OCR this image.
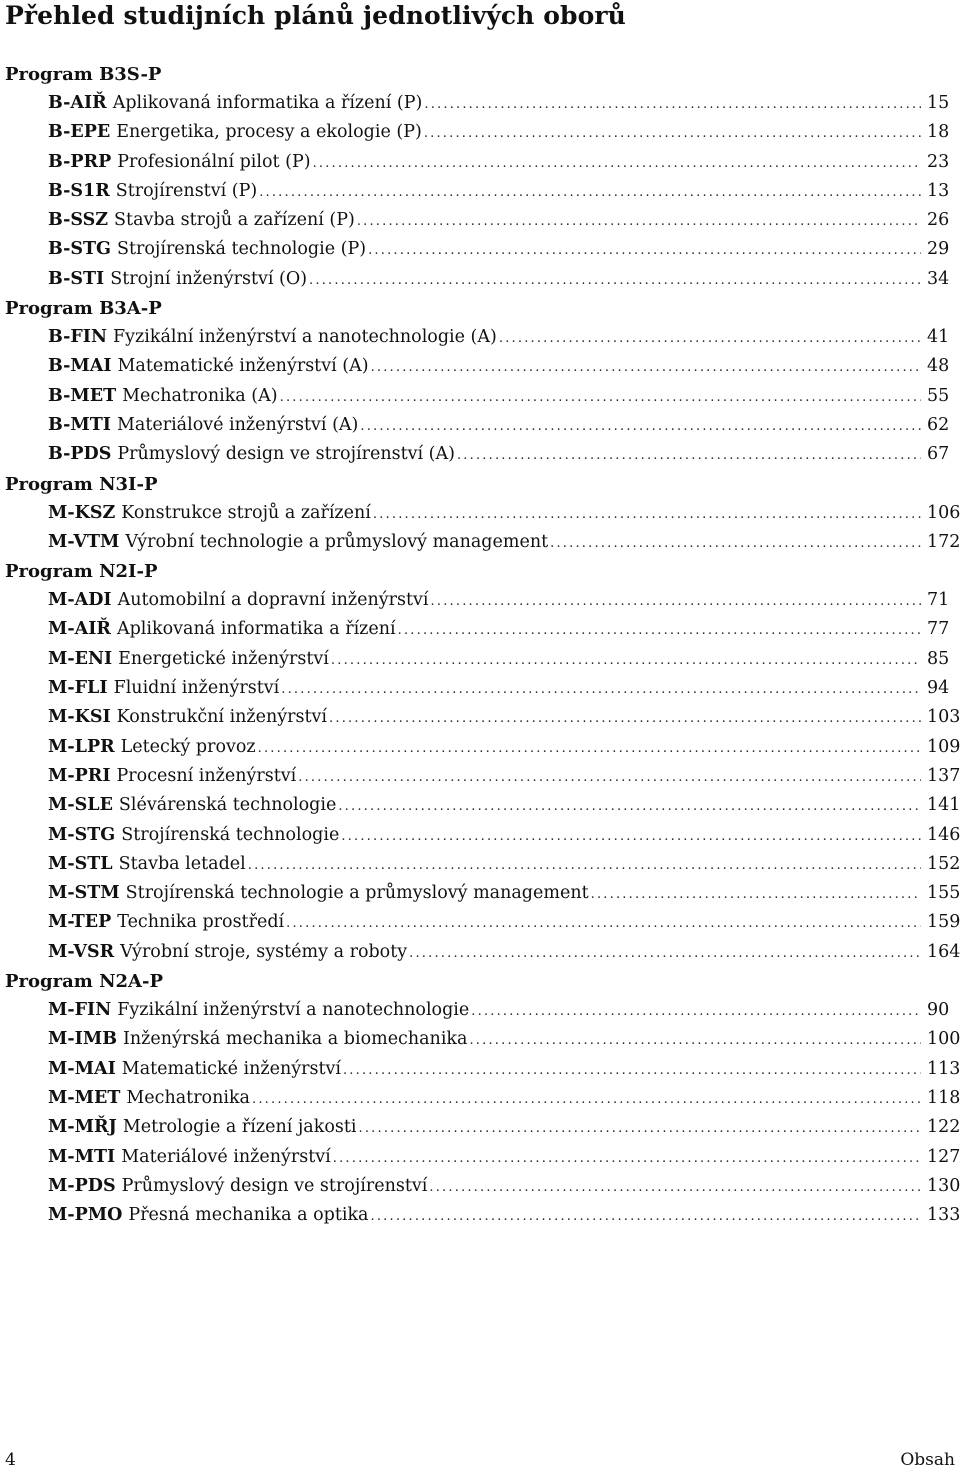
Přehled studijních plánů jednotlivých oborů
Program B3S-P
B-AIŘ Aplikovaná informatika a řízení (P) .....	15
B-EPE Energetika, procesy a ekologie (P) .....	18
B-PRP Profesionální pilot (P) .....	23
B-S1R Strojírenství (P) .....	13
B-SSZ Stavba strojů a zařízení (P) .....	26
B-STG Strojírenská technologie (P) .....	29
B-STI Strojní inženýrství (O) .....	34
Program B3A-P
B-FIN Fyzikální inženýrství a nanotechnologie (A) .....	41
B-MAI Matematické inženýrství (A) .....	48
B-MET Mechatronika (A) .....	55
B-MTI Materiálové inženýrství (A) .....	62
B-PDS Průmyslový design ve strojírenství (A) .....	67
Program N3I-P
M-KSZ Konstrukce strojů a zařízení .....	106
M-VTM Výrobní technologie a průmyslový management .....	172
Program N2I-P
M-ADI Automobilní a dopravní inženýrství .....	71
M-AIŘ Aplikovaná informatika a řízení .....	77
M-ENI Energetické inženýrství .....	85
M-FLI Fluidní inženýrství .....	94
M-KSI Konstrukční inženýrství .....	103
M-LPR Letecký provoz .....	109
M-PRI Procesní inženýrství .....	137
M-SLE Slévárenská technologie .....	141
M-STG Strojírenská technologie .....	146
M-STL Stavba letadel .....	152
M-STM Strojírenská technologie a průmyslový management .....	155
M-TEP Technika prostředí .....	159
M-VSR Výrobní stroje, systémy a roboty .....	164
Program N2A-P
M-FIN Fyzikální inženýrství a nanotechnologie .....	90
M-IMB Inženýrská mechanika a biomechanika .....	100
M-MAI Matematické inženýrství .....	113
M-MET Mechatronika .....	118
M-MŘJ Metrologie a řízení jakosti .....	122
M-MTI Materiálové inženýrství .....	127
M-PDS Průmyslový design ve strojírenství .....	130
M-PMO Přesná mechanika a optika .....	133
4	Obsah
